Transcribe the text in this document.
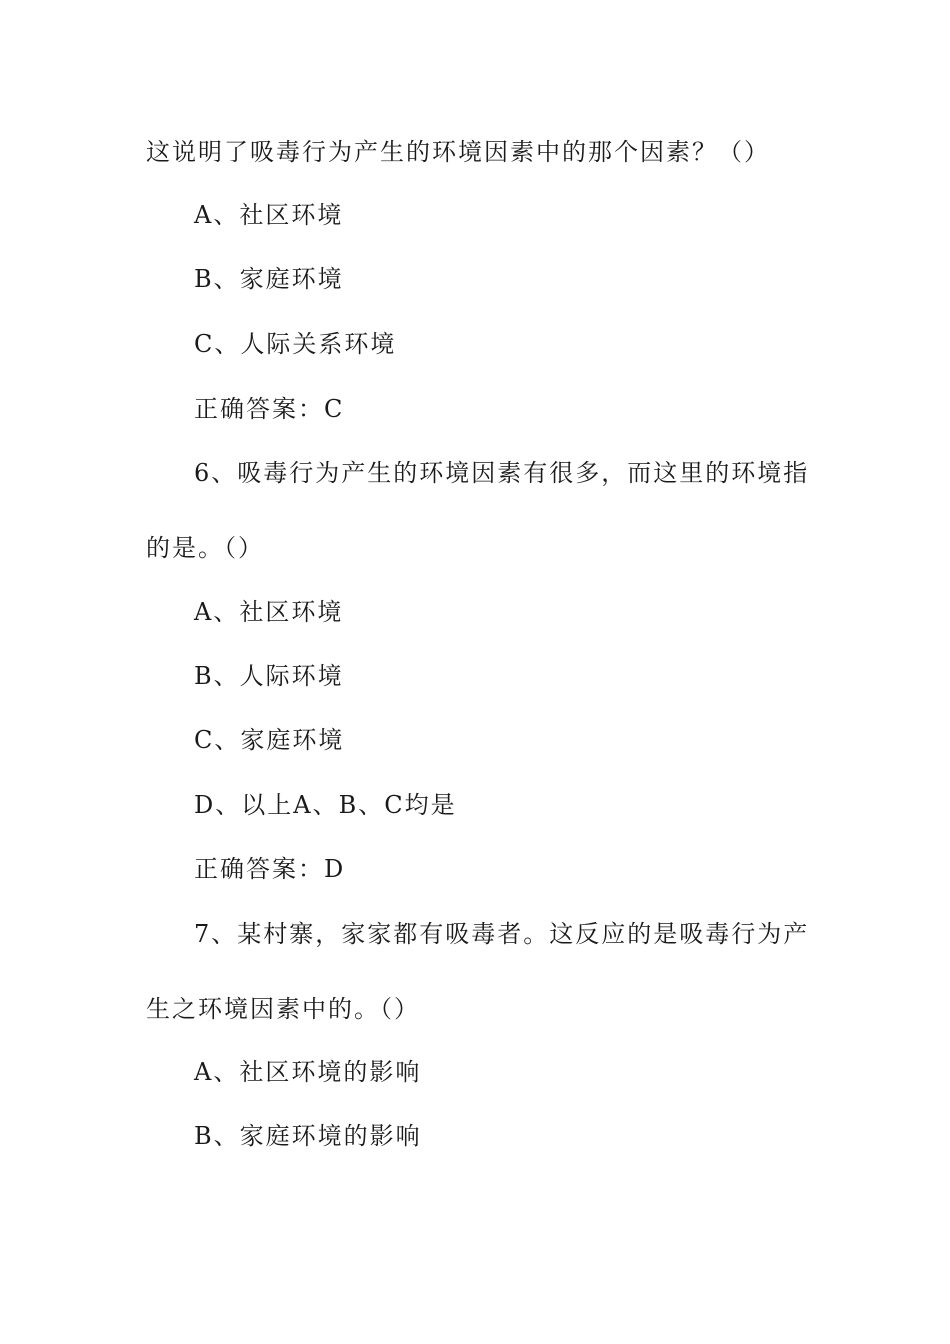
这说明了吸毒行为产生的环境因素中的那个因素？（）
A、社区环境
B、家庭环境
C、人际关系环境
正确答案：C
6、吸毒行为产生的环境因素有很多，而这里的环境指
的是。（）
A、社区环境
B、人际环境
C、家庭环境
D、以上A、B、C均是
正确答案：D
7、某村寨，家家都有吸毒者。这反应的是吸毒行为产
生之环境因素中的。（）
A、社区环境的影响
B、家庭环境的影响
